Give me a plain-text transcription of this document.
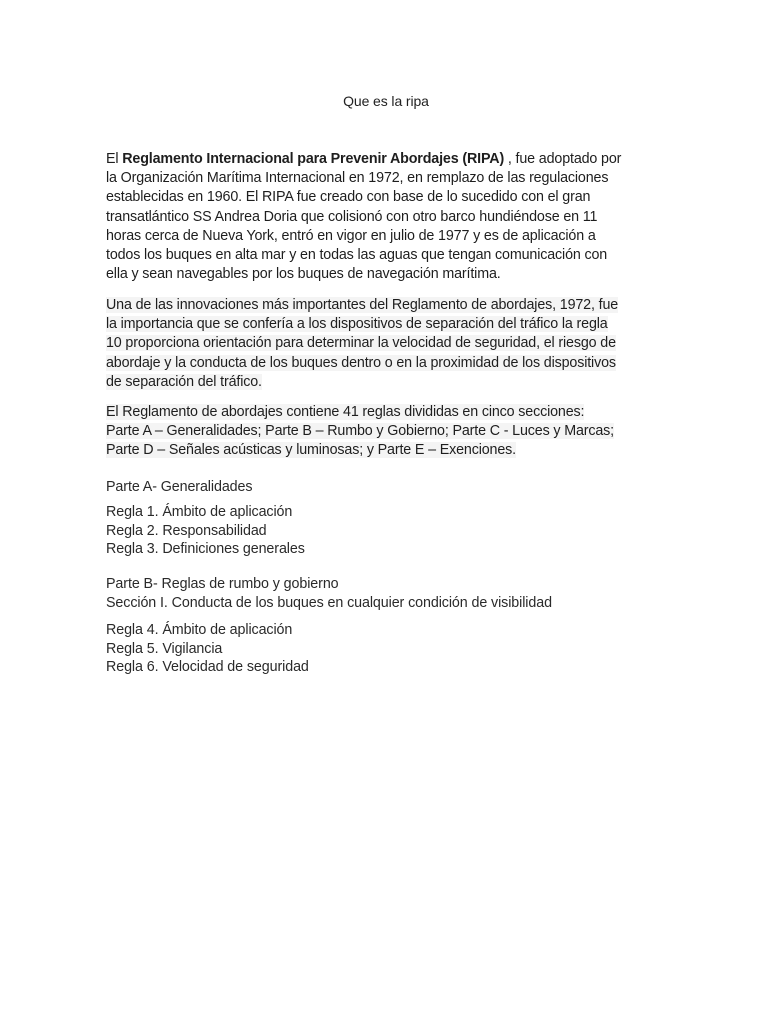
Que es la ripa
El Reglamento Internacional para Prevenir Abordajes (RIPA) , fue adoptado por
la Organización Marítima Internacional en 1972, en remplazo de las regulaciones
establecidas en 1960. El RIPA fue creado con base de lo sucedido con el gran
transatlántico SS Andrea Doria que colisionó con otro barco hundiéndose en 11
horas cerca de Nueva York, entró en vigor en julio de 1977 y es de aplicación a
todos los buques en alta mar y en todas las aguas que tengan comunicación con
ella y sean navegables por los buques de navegación marítima.
Una de las innovaciones más importantes del Reglamento de abordajes, 1972, fue
la importancia que se confería a los dispositivos de separación del tráfico la regla
10 proporciona orientación para determinar la velocidad de seguridad, el riesgo de
abordaje y la conducta de los buques dentro o en la proximidad de los dispositivos
de separación del tráfico.
El Reglamento de abordajes contiene 41 reglas divididas en cinco secciones:
Parte A – Generalidades; Parte B – Rumbo y Gobierno; Parte C - Luces y Marcas;
Parte D – Señales acústicas y luminosas; y Parte E – Exenciones.
Parte A- Generalidades
Regla 1. Ámbito de aplicación
Regla 2. Responsabilidad
Regla 3. Definiciones generales
Parte B- Reglas de rumbo y gobierno
Sección I. Conducta de los buques en cualquier condición de visibilidad
Regla 4. Ámbito de aplicación
Regla 5. Vigilancia
Regla 6. Velocidad de seguridad
